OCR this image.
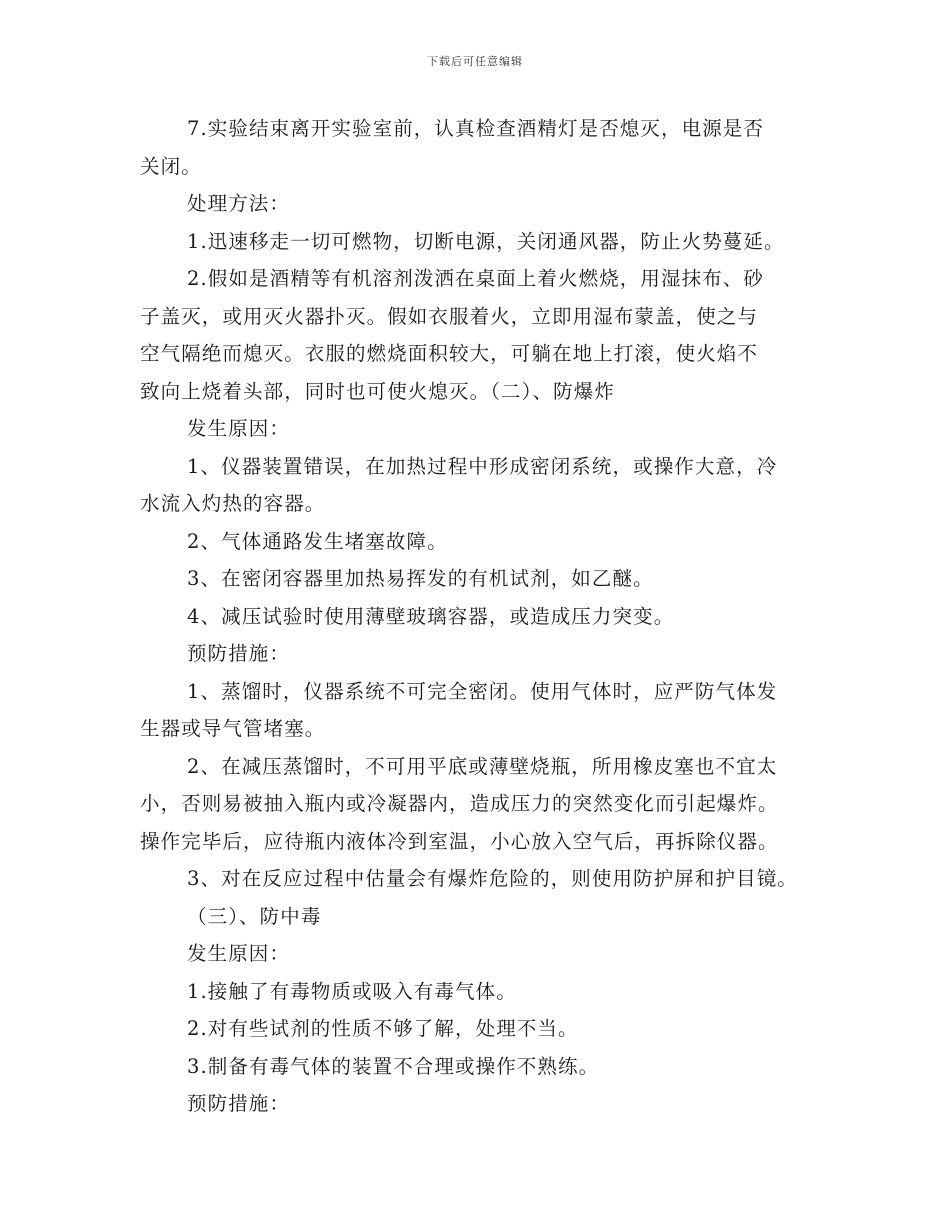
下载后可任意编辑
7.实验结束离开实验室前，认真检查酒精灯是否熄灭，电源是否
关闭。
处理方法：
1.迅速移走一切可燃物，切断电源，关闭通风器，防止火势蔓延。
2.假如是酒精等有机溶剂泼洒在桌面上着火燃烧，用湿抹布、砂
子盖灭，或用灭火器扑灭。假如衣服着火，立即用湿布蒙盖，使之与
空气隔绝而熄灭。衣服的燃烧面积较大，可躺在地上打滚，使火焰不
致向上烧着头部，同时也可使火熄灭。（二）、防爆炸
发生原因：
1、仪器装置错误，在加热过程中形成密闭系统，或操作大意，冷
水流入灼热的容器。
2、气体通路发生堵塞故障。
3、在密闭容器里加热易挥发的有机试剂，如乙醚。
4、减压试验时使用薄壁玻璃容器，或造成压力突变。
预防措施：
1、蒸馏时，仪器系统不可完全密闭。使用气体时，应严防气体发
生器或导气管堵塞。
2、在减压蒸馏时，不可用平底或薄壁烧瓶，所用橡皮塞也不宜太
小，否则易被抽入瓶内或冷凝器内，造成压力的突然变化而引起爆炸。
操作完毕后，应待瓶内液体冷到室温，小心放入空气后，再拆除仪器。
3、对在反应过程中估量会有爆炸危险的，则使用防护屏和护目镜。
（三）、防中毒
发生原因：
1.接触了有毒物质或吸入有毒气体。
2.对有些试剂的性质不够了解，处理不当。
3.制备有毒气体的装置不合理或操作不熟练。
预防措施：
